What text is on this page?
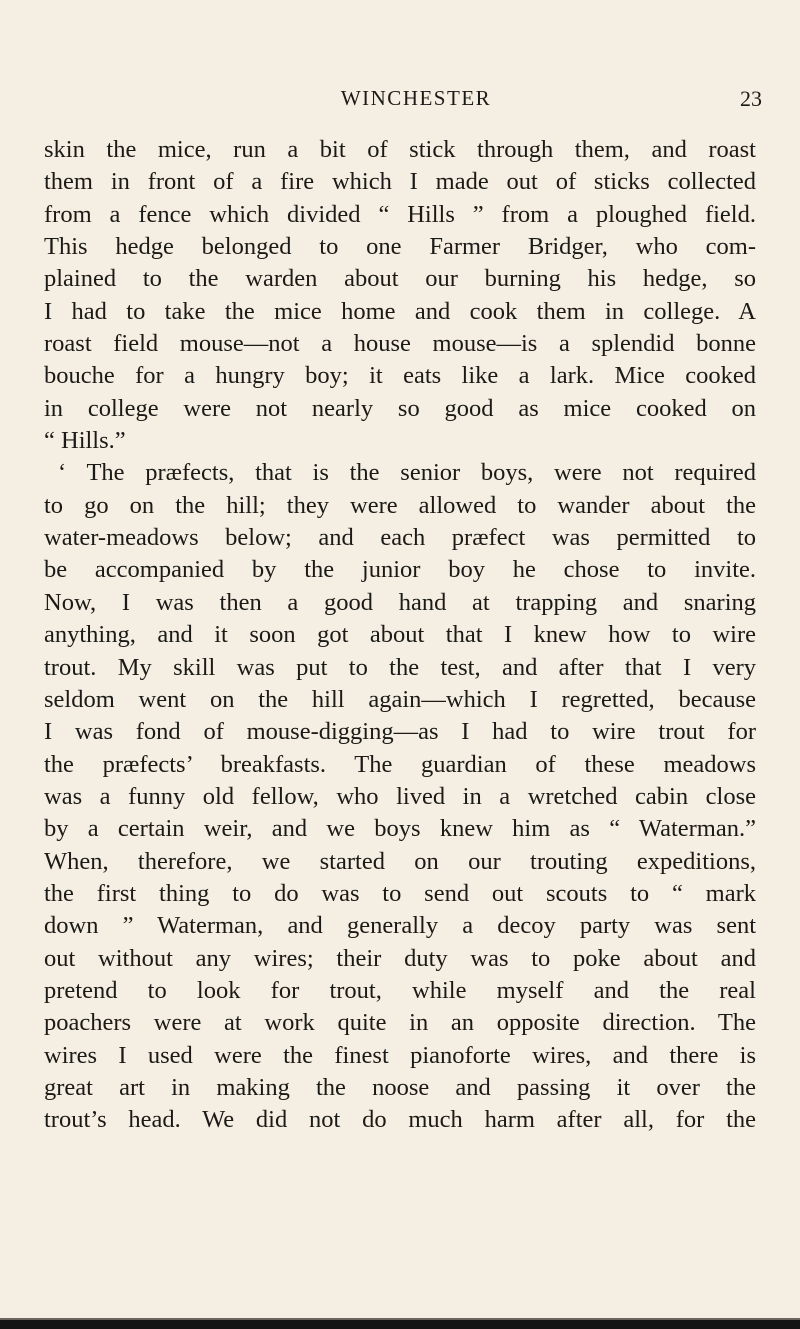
WINCHESTER	23
skin the mice, run a bit of stick through them, and roast
them in front of a fire which I made out of sticks collected
from a fence which divided “ Hills ” from a ploughed field.
This hedge belonged to one Farmer Bridger, who com-
plained to the warden about our burning his hedge, so
I had to take the mice home and cook them in college. A
roast field mouse—not a house mouse—is a splendid bonne
bouche for a hungry boy; it eats like a lark. Mice cooked
in college were not nearly so good as mice cooked on
“ Hills.”
‘ The præfects, that is the senior boys, were not required
to go on the hill; they were allowed to wander about the
water-meadows below; and each præfect was permitted to
be accompanied by the junior boy he chose to invite.
Now, I was then a good hand at trapping and snaring
anything, and it soon got about that I knew how to wire
trout. My skill was put to the test, and after that I very
seldom went on the hill again—which I regretted, because
I was fond of mouse-digging—as I had to wire trout for
the præfects’ breakfasts. The guardian of these meadows
was a funny old fellow, who lived in a wretched cabin close
by a certain weir, and we boys knew him as “ Waterman.”
When, therefore, we started on our trouting expeditions,
the first thing to do was to send out scouts to “ mark
down ” Waterman, and generally a decoy party was sent
out without any wires; their duty was to poke about and
pretend to look for trout, while myself and the real
poachers were at work quite in an opposite direction. The
wires I used were the finest pianoforte wires, and there is
great art in making the noose and passing it over the
trout’s head. We did not do much harm after all, for the
